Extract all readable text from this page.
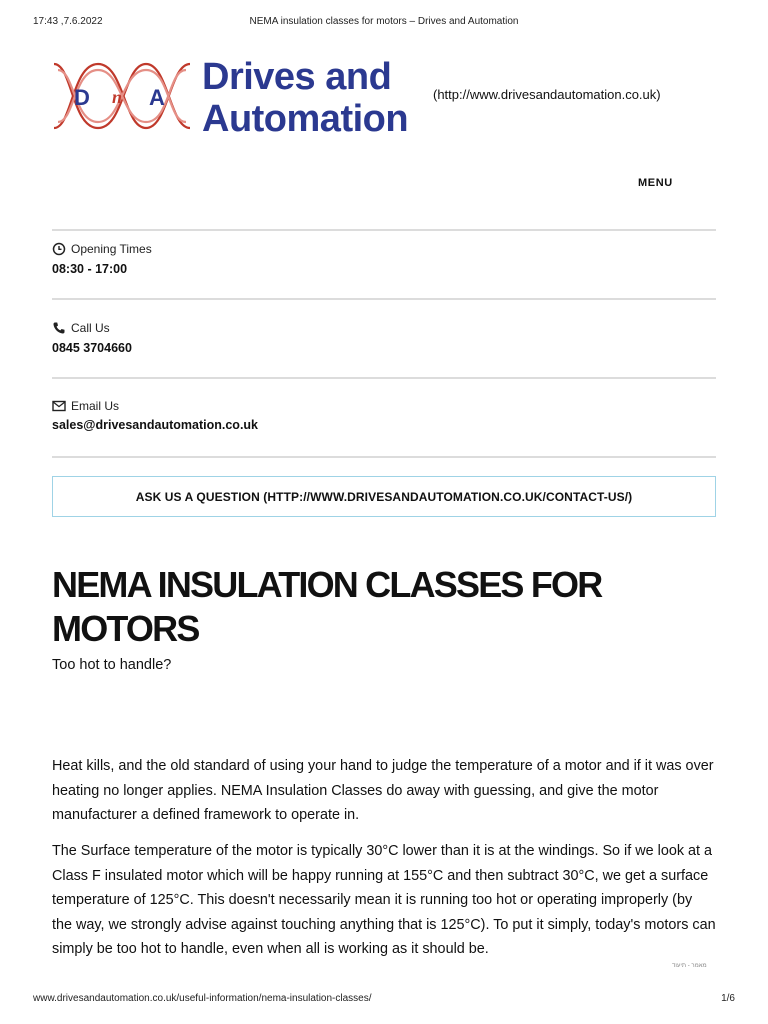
17:43 ,7.6.2022	NEMA insulation classes for motors – Drives and Automation
D n A Drives and
Automation
(http://www.drivesandautomation.co.uk)
MENU
Opening Times
08:30 - 17:00
Call Us
0845 3704660
Email Us
sales@drivesandautomation.co.uk
ASK US A QUESTION (HTTP://WWW.DRIVESANDAUTOMATION.CO.UK/CONTACT-US/)
NEMA INSULATION CLASSES FOR
MOTORS
Too hot to handle?

Heat kills, and the old standard of using your hand to judge the temperature of a motor and if it was over heating no longer applies. NEMA Insulation Classes do away with guessing, and give the motor manufacturer a defined framework to operate in.

The Surface temperature of the motor is typically 30°C lower than it is at the windings. So if we look at a Class F insulated motor which will be happy running at 155°C and then subtract 30°C, we get a surface temperature of 125°C. This doesn't necessarily mean it is running too hot or operating improperly (by the way, we strongly advise against touching anything that is 125°C). To put it simply, today's motors can simply be too hot to handle, even when all is working as it should be.

מאמר - תיעוד
www.drivesandautomation.co.uk/useful-information/nema-insulation-classes/	1/6
